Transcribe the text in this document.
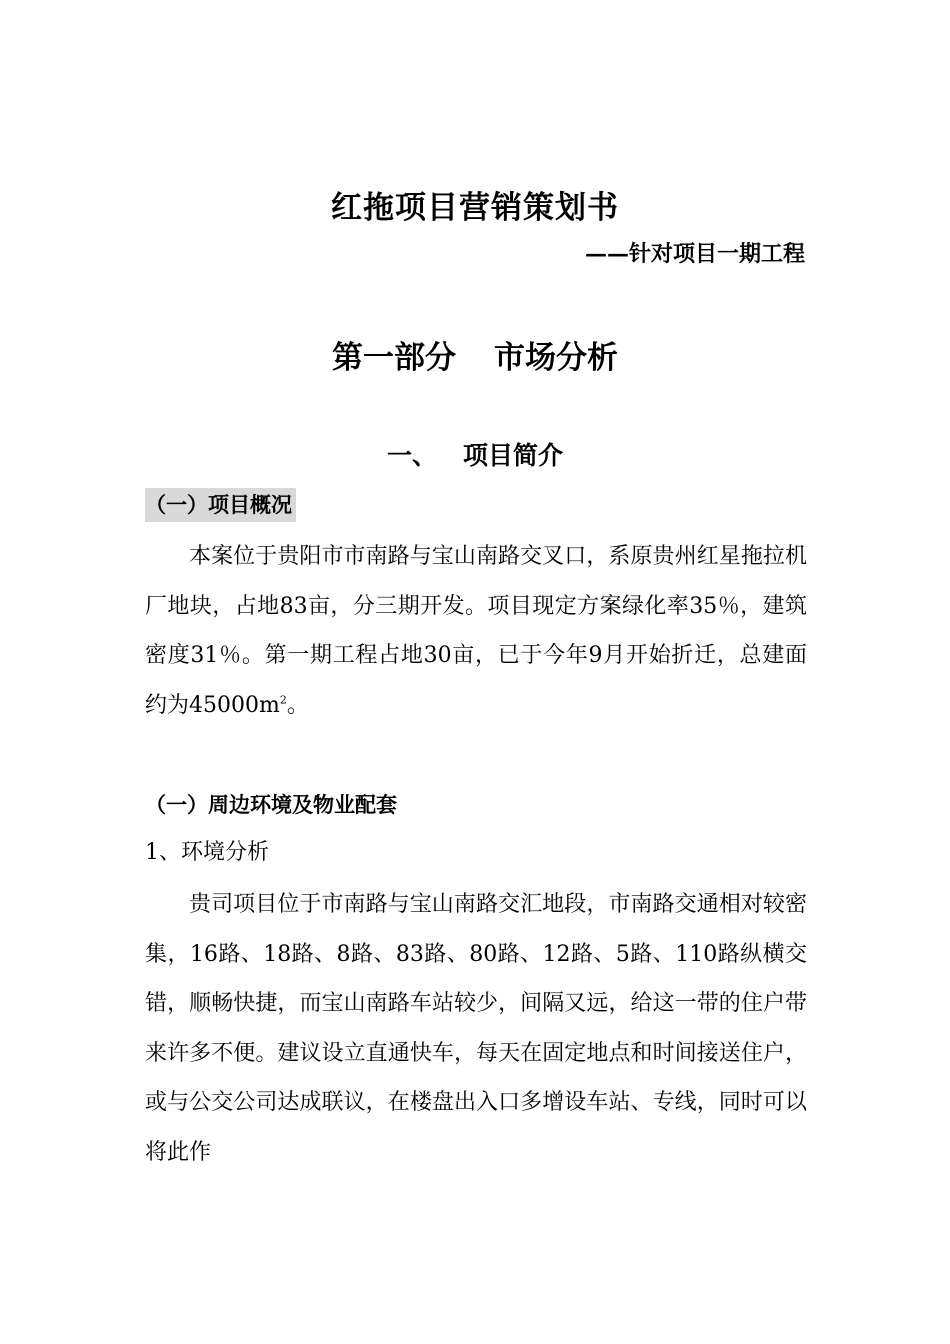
红拖项目营销策划书

——针对项目一期工程

第一部分 市场分析
一、 项目简介

（一）项目概况

本案位于贵阳市市南路与宝山南路交叉口，系原贵州红星拖拉机厂地块，占地83亩，分三期开发。项目现定方案绿化率35％，建筑密度31％。第一期工程占地30亩，已于今年9月开始折迁，总建面约为$45000m^2$。

（一）周边环境及物业配套

1、环境分析

贵司项目位于市南路与宝山南路交汇地段，市南路交通相对较密集，16路、18路、8路、83路、80路、12路、5路、110路纵横交错，顺畅快捷，而宝山南路车站较少，间隔又远，给这一带的住户带来许多不便。建议设立直通快车，每天在固定地点和时间接送住户，或与公交公司达成联议，在楼盘出入口多增设车站、专线，同时可以将此作
